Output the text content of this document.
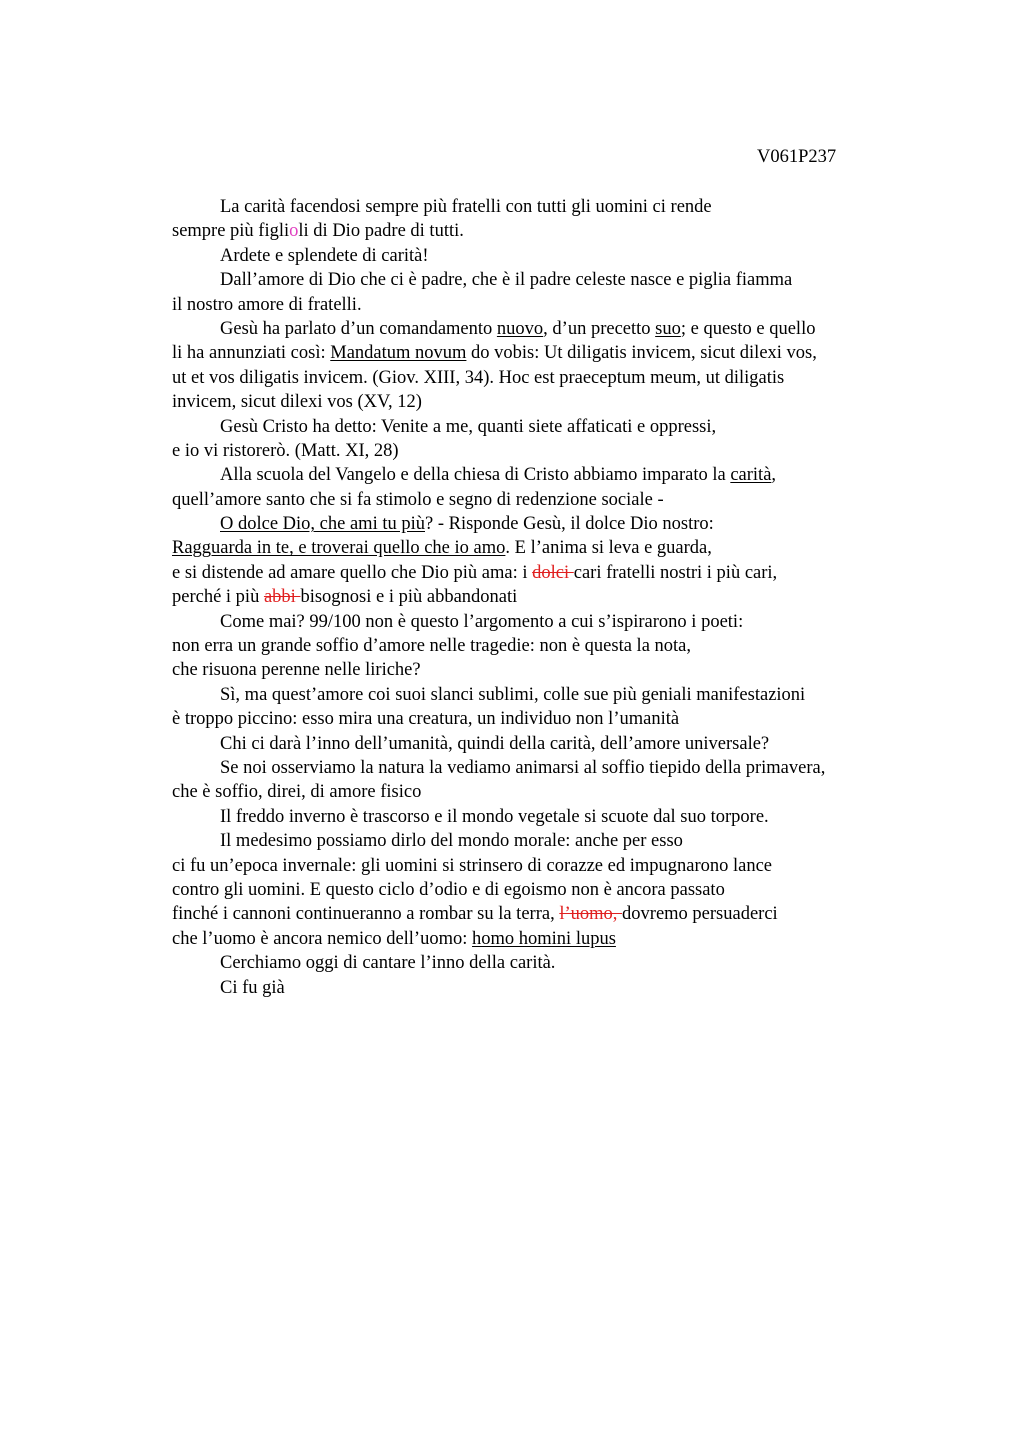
V061P237
La carità facendosi sempre più fratelli con tutti gli uomini ci rende
sempre più figlioli di Dio padre di tutti.
Ardete e splendete di carità!
Dall’amore di Dio che ci è padre, che è il padre celeste nasce e piglia fiamma
il nostro amore di fratelli.
Gesù ha parlato d’un comandamento nuovo, d’un precetto suo; e questo e quello
li ha annunziati così: Mandatum novum do vobis: Ut diligatis invicem, sicut dilexi vos,
ut et vos diligatis invicem. (Giov. XIII, 34). Hoc est praeceptum meum, ut diligatis
invicem, sicut dilexi vos (XV, 12)
Gesù Cristo ha detto: Venite a me, quanti siete affaticati e oppressi,
e io vi ristorerò. (Matt. XI, 28)
Alla scuola del Vangelo e della chiesa di Cristo abbiamo imparato la carità,
quell’amore santo che si fa stimolo e segno di redenzione sociale -
O dolce Dio, che ami tu più? - Risponde Gesù, il dolce Dio nostro:
Ragguarda in te, e troverai quello che io amo. E l’anima si leva e guarda,
e si distende ad amare quello che Dio più ama: i dolci cari fratelli nostri i più cari,
perché i più abbi bisognosi e i più abbandonati
Come mai? 99/100 non è questo l’argomento a cui s’ispirarono i poeti:
non erra un grande soffio d’amore nelle tragedie: non è questa la nota,
che risuona perenne nelle liriche?
Sì, ma quest’amore coi suoi slanci sublimi, colle sue più geniali manifestazioni
è troppo piccino: esso mira una creatura, un individuo non l’umanità
Chi ci darà l’inno dell’umanità, quindi della carità, dell’amore universale?
Se noi osserviamo la natura la vediamo animarsi al soffio tiepido della primavera,
che è soffio, direi, di amore fisico
Il freddo inverno è trascorso e il mondo vegetale si scuote dal suo torpore.
Il medesimo possiamo dirlo del mondo morale: anche per esso
ci fu un’epoca invernale: gli uomini si strinsero di corazze ed impugnarono lance
contro gli uomini. E questo ciclo d’odio e di egoismo non è ancora passato
finché i cannoni continueranno a rombar su la terra, l’uomo, dovremo persuaderci
che l’uomo è ancora nemico dell’uomo: homo homini lupus
Cerchiamo oggi di cantare l’inno della carità.
Ci fu già
